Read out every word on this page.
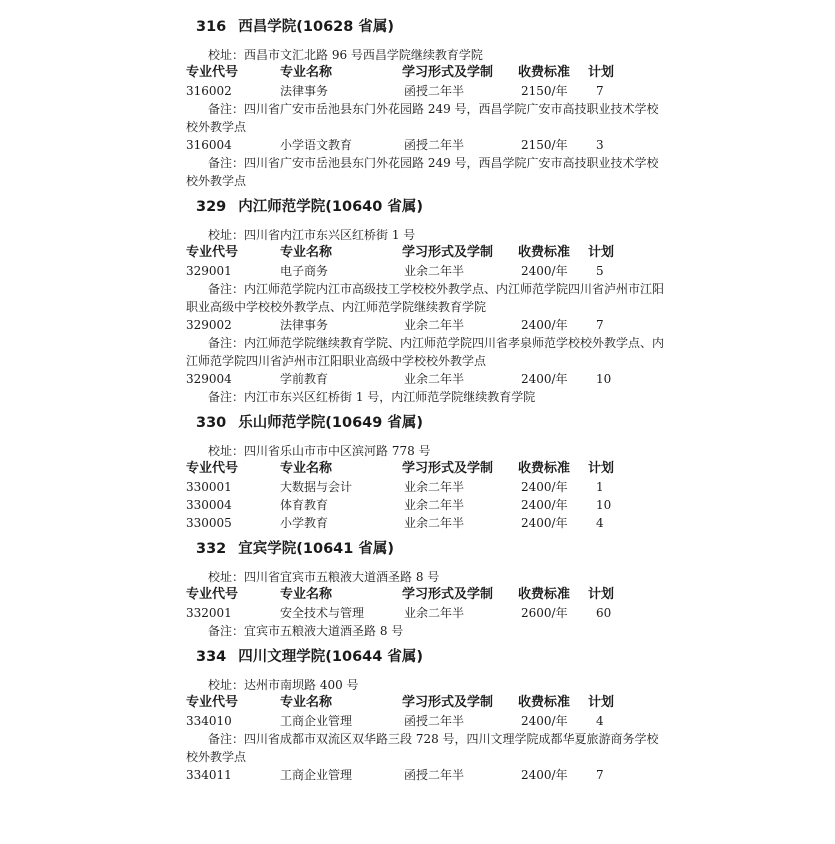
316 西昌学院(10628 省属)
校址：西昌市文汇北路 96 号西昌学院继续教育学院
专业代号	专业名称	学习形式及学制 收费标准 计划
316002	法律事务	函授二年半	2150/年 7
备注：四川省广安市岳池县东门外花园路 249 号，西昌学院广安市高技职业技术学校校外教学点
316004	小学语文教育	函授二年半	2150/年 3
备注：四川省广安市岳池县东门外花园路 249 号，西昌学院广安市高技职业技术学校校外教学点
329 内江师范学院(10640 省属)
校址：四川省内江市东兴区红桥街 1 号
专业代号	专业名称	学习形式及学制 收费标准 计划
329001	电子商务	业余二年半	2400/年 5
备注：内江师范学院内江市高级技工学校校外教学点、内江师范学院四川省泸州市江阳职业高级中学校校外教学点、内江师范学院继续教育学院
329002	法律事务	业余二年半	2400/年 7
备注：内江师范学院继续教育学院、内江师范学院四川省孝泉师范学校校外教学点、内江师范学院四川省泸州市江阳职业高级中学校校外教学点
329004	学前教育	业余二年半	2400/年 10
备注：内江市东兴区红桥街 1 号，内江师范学院继续教育学院
330 乐山师范学院(10649 省属)
校址：四川省乐山市市中区滨河路 778 号
专业代号	专业名称	学习形式及学制 收费标准 计划
330001	大数据与会计	业余二年半	2400/年 1
330004	体育教育	业余二年半	2400/年 10
330005	小学教育	业余二年半	2400/年 4
332 宜宾学院(10641 省属)
校址：四川省宜宾市五粮液大道酒圣路 8 号
专业代号	专业名称	学习形式及学制 收费标准 计划
332001	安全技术与管理	业余二年半	2600/年 60
备注：宜宾市五粮液大道酒圣路 8 号
334 四川文理学院(10644 省属)
校址：达州市南坝路 400 号
专业代号	专业名称	学习形式及学制 收费标准 计划
334010	工商企业管理	函授二年半	2400/年 4
备注：四川省成都市双流区双华路三段 728 号，四川文理学院成都华夏旅游商务学校校外教学点
334011	工商企业管理	函授二年半	2400/年 7
